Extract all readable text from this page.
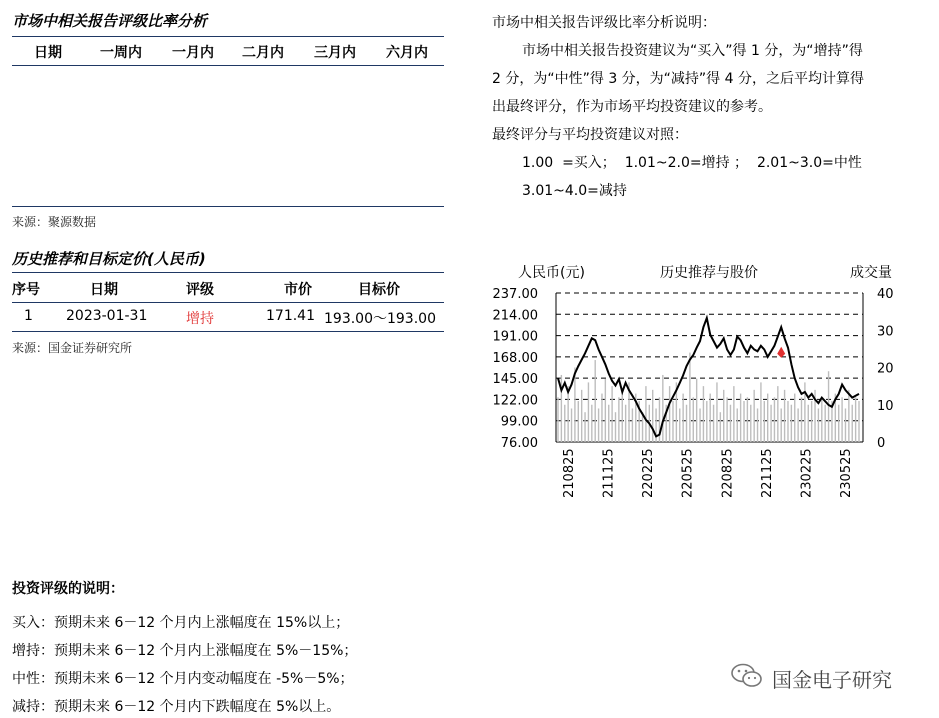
市场中相关报告评级比率分析
日期	一周内 一月内 二月内 三月内 六月内
来源：聚源数据
市场中相关报告评级比率分析说明：
市场中相关报告投资建议为“买入”得 1 分，为“增持”得
2 分，为“中性”得 3 分，为“减持”得 4 分，之后平均计算得
出最终评分，作为市场平均投资建议的参考。
最终评分与平均投资建议对照：
1.00  =买入；  1.01~2.0=增持 ；  2.01~3.0=中性
3.01~4.0=减持
历史推荐和目标定价(人民币)
序号	日期	评级	市价	目标价
1 2023-01-31	增持	171.41 193.00～193.00
来源：国金证券研究所
人民币(元)	历史推荐与股价	成交量
237.00
214.00
191.00
168.00
145.00
122.00
99.00
76.00
40
30
20
10
0
210825 211125 220225 220525 220825 221125 230225 230525
投资评级的说明：
买入：预期未来 6－12 个月内上涨幅度在 15%以上；
增持：预期未来 6－12 个月内上涨幅度在 5%－15%；
中性：预期未来 6－12 个月内变动幅度在 -5%－5%；
减持：预期未来 6－12 个月内下跌幅度在 5%以上。
国金电子研究
